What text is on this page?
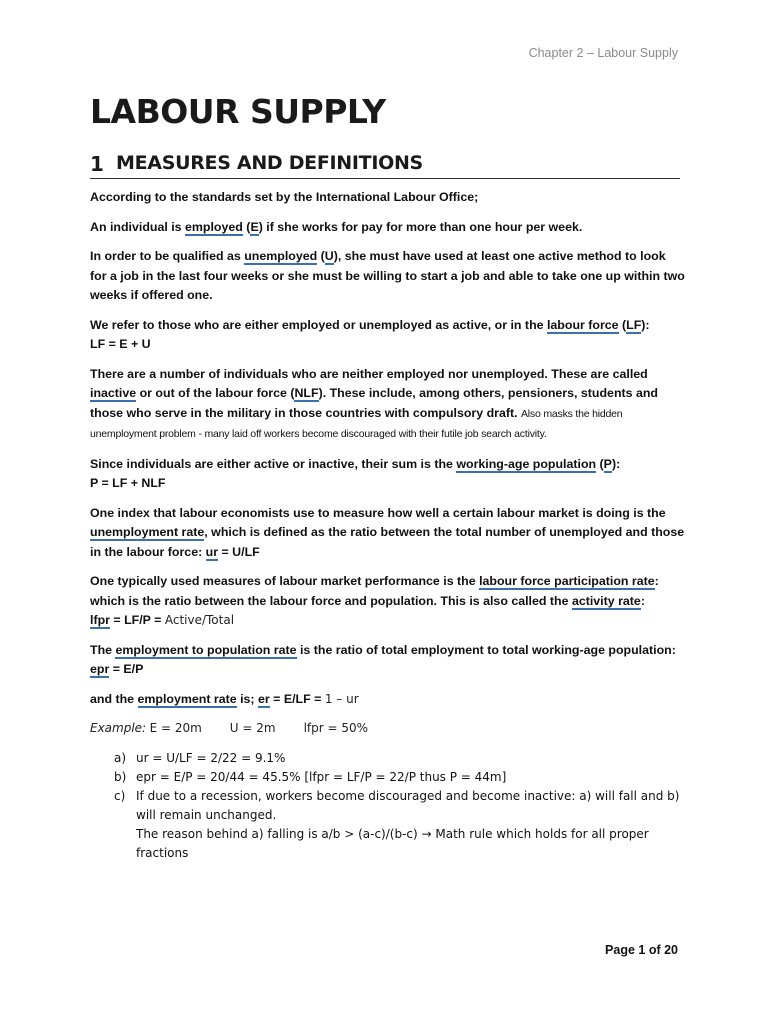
Chapter 2 – Labour Supply
LABOUR SUPPLY
1 MEASURES AND DEFINITIONS

According to the standards set by the International Labour Office;

An individual is employed (E) if she works for pay for more than one hour per week.

In order to be qualified as unemployed (U), she must have used at least one active method to look for a job in the last four weeks or she must be willing to start a job and able to take one up within two weeks if offered one.

We refer to those who are either employed or unemployed as active, or in the labour force (LF):
LF = E + U

There are a number of individuals who are neither employed nor unemployed. These are called inactive or out of the labour force (NLF). These include, among others, pensioners, students and those who serve in the military in those countries with compulsory draft. Also masks the hidden unemployment problem - many laid off workers become discouraged with their futile job search activity.

Since individuals are either active or inactive, their sum is the working-age population (P):
P = LF + NLF

One index that labour economists use to measure how well a certain labour market is doing is the unemployment rate, which is defined as the ratio between the total number of unemployed and those in the labour force: ur = U/LF

One typically used measures of labour market performance is the labour force participation rate: which is the ratio between the labour force and population. This is also called the activity rate:
lfpr = LF/P = Active/Total

The employment to population rate is the ratio of total employment to total working-age population:
epr = E/P

and the employment rate is; er = E/LF = 1 – ur

Example: E = 20m U = 2m lfpr = 50%

a) ur = U/LF = 2/22 = 9.1%
b) epr = E/P = 20/44 = 45.5% [lfpr = LF/P = 22/P thus P = 44m]
c) If due to a recession, workers become discouraged and become inactive: a) will fall and b) will remain unchanged.
The reason behind a) falling is a/b > (a-c)/(b-c) → Math rule which holds for all proper fractions
Page 1 of 20
